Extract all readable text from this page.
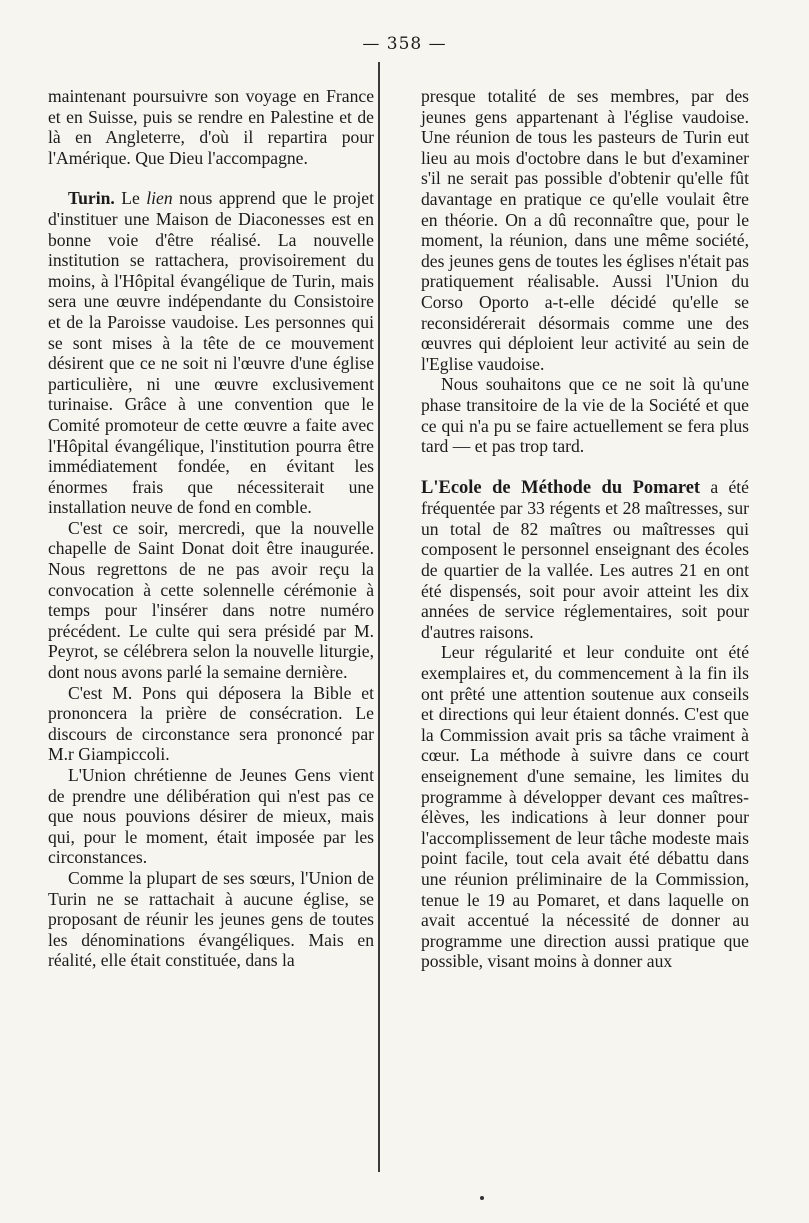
— 358 —

maintenant poursuivre son voyage en France et en Suisse, puis se rendre en Palestine et de là en Angleterre, d'où il repartira pour l'Amérique. Que Dieu l'accompagne.

Turin. Le lien nous apprend que le projet d'instituer une Maison de Diaconesses est en bonne voie d'être réalisé. La nouvelle institution se rattachera, provisoirement du moins, à l'Hôpital évangélique de Turin, mais sera une œuvre indépendante du Consistoire et de la Paroisse vaudoise. Les personnes qui se sont mises à la tête de ce mouvement désirent que ce ne soit ni l'œuvre d'une église particulière, ni une œuvre exclusivement turinaise. Grâce à une convention que le Comité promoteur de cette œuvre a faite avec l'Hôpital évangélique, l'institution pourra être immédiatement fondée, en évitant les énormes frais que nécessiterait une installation neuve de fond en comble.

C'est ce soir, mercredi, que la nouvelle chapelle de Saint Donat doit être inaugurée. Nous regrettons de ne pas avoir reçu la convocation à cette solennelle cérémonie à temps pour l'insérer dans notre numéro précédent. Le culte qui sera présidé par M. Peyrot, se célébrera selon la nouvelle liturgie, dont nous avons parlé la semaine dernière.

C'est M. Pons qui déposera la Bible et prononcera la prière de consécration. Le discours de circonstance sera prononcé par M.r Giampiccoli.

L'Union chrétienne de Jeunes Gens vient de prendre une délibération qui n'est pas ce que nous pouvions désirer de mieux, mais qui, pour le moment, était imposée par les circonstances.

Comme la plupart de ses sœurs, l'Union de Turin ne se rattachait à aucune église, se proposant de réunir les jeunes gens de toutes les dénominations évangéliques. Mais en réalité, elle était constituée, dans la

presque totalité de ses membres, par des jeunes gens appartenant à l'église vaudoise. Une réunion de tous les pasteurs de Turin eut lieu au mois d'octobre dans le but d'examiner s'il ne serait pas possible d'obtenir qu'elle fût davantage en pratique ce qu'elle voulait être en théorie. On a dû reconnaître que, pour le moment, la réunion, dans une même société, des jeunes gens de toutes les églises n'était pas pratiquement réalisable. Aussi l'Union du Corso Oporto a-t-elle décidé qu'elle se reconsidérerait désormais comme une des œuvres qui déploient leur activité au sein de l'Eglise vaudoise.

Nous souhaitons que ce ne soit là qu'une phase transitoire de la vie de la Société et que ce qui n'a pu se faire actuellement se fera plus tard — et pas trop tard.

L'Ecole de Méthode du Pomaret a été fréquentée par 33 régents et 28 maîtresses, sur un total de 82 maîtres ou maîtresses qui composent le personnel enseignant des écoles de quartier de la vallée. Les autres 21 en ont été dispensés, soit pour avoir atteint les dix années de service réglementaires, soit pour d'autres raisons.

Leur régularité et leur conduite ont été exemplaires et, du commencement à la fin ils ont prêté une attention soutenue aux conseils et directions qui leur étaient donnés. C'est que la Commission avait pris sa tâche vraiment à cœur. La méthode à suivre dans ce court enseignement d'une semaine, les limites du programme à développer devant ces maîtres-élèves, les indications à leur donner pour l'accomplissement de leur tâche modeste mais point facile, tout cela avait été débattu dans une réunion préliminaire de la Commission, tenue le 19 au Pomaret, et dans laquelle on avait accentué la nécessité de donner au programme une direction aussi pratique que possible, visant moins à donner aux
